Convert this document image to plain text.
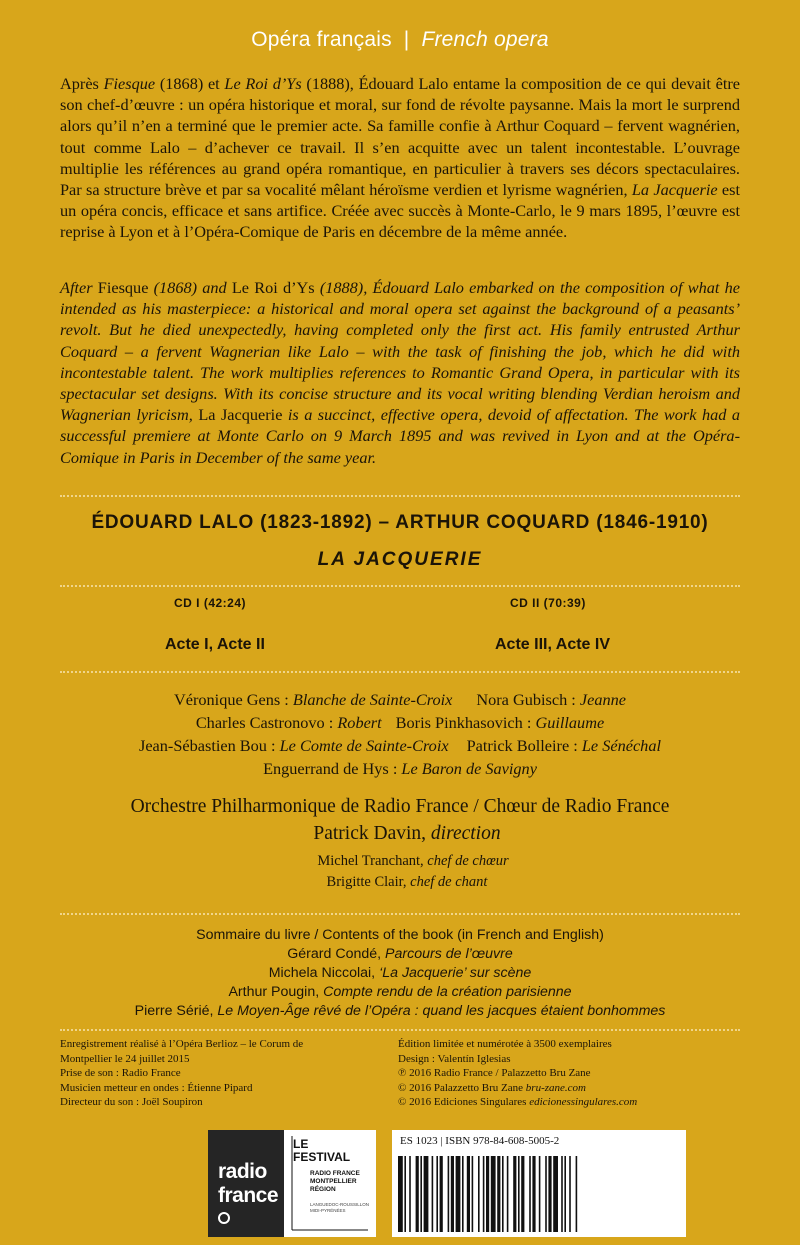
Opéra français | French opera

Après Fiesque (1868) et Le Roi d’Ys (1888), Édouard Lalo entame la composition de ce qui devait être son chef-d’œuvre : un opéra historique et moral, sur fond de révolte paysanne. Mais la mort le surprend alors qu’il n’en a terminé que le premier acte. Sa famille confie à Arthur Coquard – fervent wagnérien, tout comme Lalo – d’achever ce travail. Il s’en acquitte avec un talent incontestable. L’ouvrage multiplie les références au grand opéra romantique, en particulier à travers ses décors spectaculaires. Par sa structure brève et par sa vocalité mêlant héroïsme verdien et lyrisme wagnérien, La Jacquerie est un opéra concis, efficace et sans artifice. Créée avec succès à Monte-Carlo, le 9 mars 1895, l’œuvre est reprise à Lyon et à l’Opéra-Comique de Paris en décembre de la même année.

After Fiesque (1868) and Le Roi d’Ys (1888), Édouard Lalo embarked on the composition of what he intended as his masterpiece: a historical and moral opera set against the background of a peasants’ revolt. But he died unexpectedly, having completed only the first act. His family entrusted Arthur Coquard – a fervent Wagnerian like Lalo – with the task of finishing the job, which he did with incontestable talent. The work multiplies references to Romantic Grand Opera, in particular with its spectacular set designs. With its concise structure and its vocal writing blending Verdian heroism and Wagnerian lyricism, La Jacquerie is a succinct, effective opera, devoid of affectation. The work had a successful premiere at Monte Carlo on 9 March 1895 and was revived in Lyon and at the Opéra-Comique in Paris in December of the same year.

ÉDOUARD LALO (1823-1892) – ARTHUR COQUARD (1846-1910)
LA JACQUERIE
CD I (42:24)	CD II (70:39)
Acte I, Acte II	Acte III, Acte IV
Véronique Gens : Blanche de Sainte-Croix Nora Gubisch : Jeanne
Charles Castronovo : Robert Boris Pinkhasovich : Guillaume
Jean-Sébastien Bou : Le Comte de Sainte-Croix Patrick Bolleire : Le Sénéchal
Enguerrand de Hys : Le Baron de Savigny
Orchestre Philharmonique de Radio France / Chœur de Radio France
Patrick Davin, direction
Michel Tranchant, chef de chœur
Brigitte Clair, chef de chant
Sommaire du livre / Contents of the book (in French and English)
Gérard Condé, Parcours de l’œuvre
Michela Niccolai, ‘La Jacquerie’ sur scène
Arthur Pougin, Compte rendu de la création parisienne
Pierre Sérié, Le Moyen-Âge rêvé de l’Opéra : quand les jacques étaient bonhommes
Enregistrement réalisé à l’Opéra Berlioz – le Corum de
Montpellier le 24 juillet 2015
Prise de son : Radio France
Musicien metteur en ondes : Étienne Pipard
Directeur du son : Joël Soupiron
Édition limitée et numérotée à 3500 exemplaires
Design : Valentín Iglesias
℗ 2016 Radio France / Palazzetto Bru Zane
© 2016 Palazzetto Bru Zane bru-zane.com
© 2016 Ediciones Singulares edicionessingulares.com
radio
france
LE
FESTIVAL
RADIO FRANCE
MONTPELLIER
RÉGION
LANGUEDOC-ROUSSILLON
MIDI-PYRÉNÉES
ES 1023 | ISBN 978-84-608-5005-2
